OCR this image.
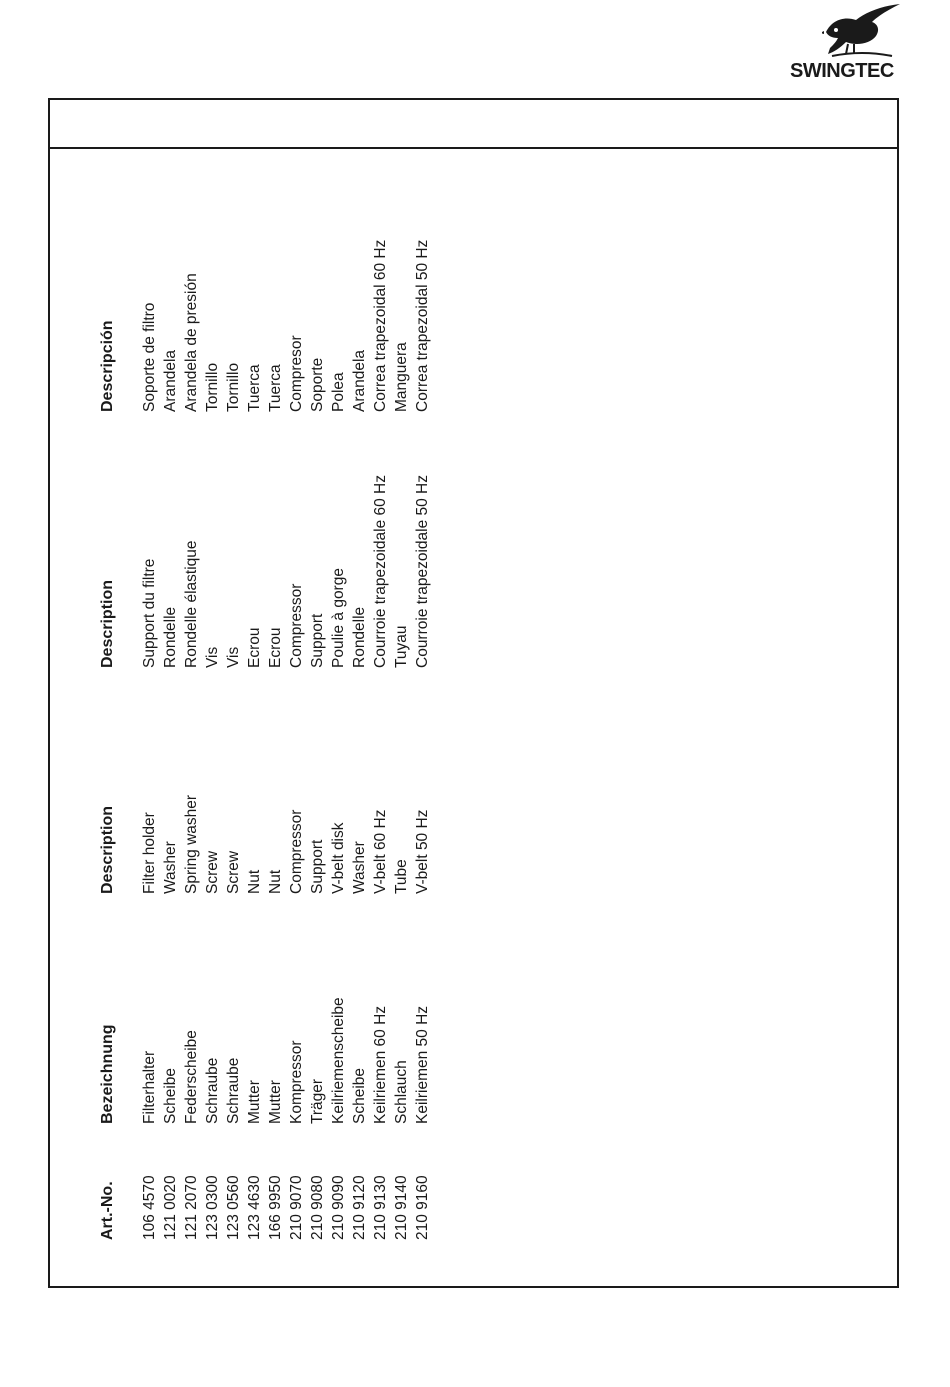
SWINGTEC
Art.-No.
Bezeichnung
Description
Description
Descripción
106 4570
Filterhalter
Filter holder
Support du filtre
Soporte de filtro
121 0020
Scheibe
Washer
Rondelle
Arandela
121 2070
Federscheibe
Spring washer
Rondelle élastique
Arandela de presión
123 0300
Schraube
Screw
Vis
Tornillo
123 0560
Schraube
Screw
Vis
Tornillo
123 4630
Mutter
Nut
Ecrou
Tuerca
166 9950
Mutter
Nut
Ecrou
Tuerca
210 9070
Kompressor
Compressor
Compressor
Compresor
210 9080
Träger
Support
Support
Soporte
210 9090
Keilriemenscheibe
V-belt disk
Poulie à gorge
Polea
210 9120
Scheibe
Washer
Rondelle
Arandela
210 9130
Keilriemen 60 Hz
V-belt 60 Hz
Courroie trapezoidale 60 Hz
Correa trapezoidal 60 Hz
210 9140
Schlauch
Tube
Tuyau
Manguera
210 9160
Keilriemen 50 Hz
V-belt 50 Hz
Courroie trapezoidale 50 Hz
Correa trapezoidal 50 Hz
